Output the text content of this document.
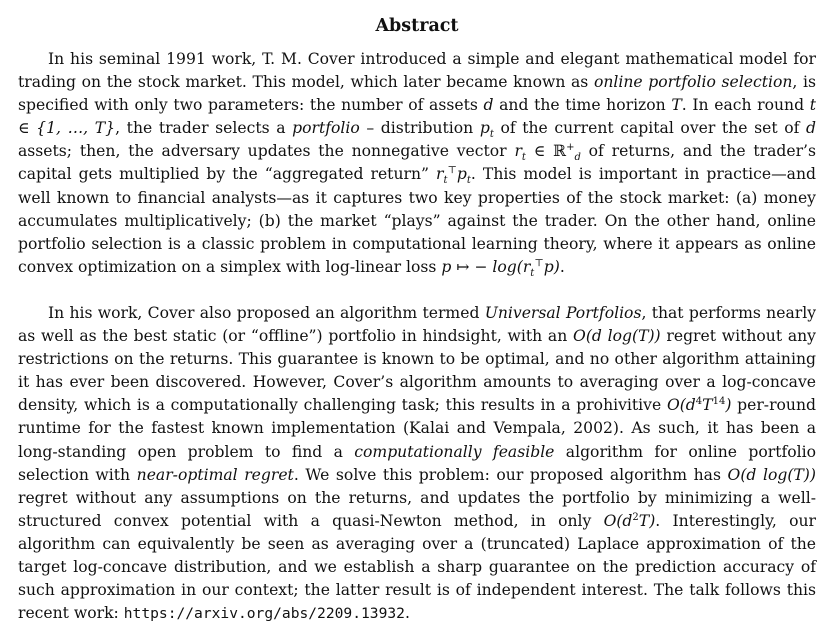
Abstract

In his seminal 1991 work, T. M. Cover introduced a simple and elegant mathematical model for trading on the stock market. This model, which later became known as online portfolio selection, is specified with only two parameters: the number of assets d and the time horizon T. In each round t ∈ {1, …, T}, the trader selects a portfolio – distribution $p_t$ of the current capital over the set of d assets; then, the adversary updates the nonnegative vector $r_t$ ∈ ℝ+$_d$ of returns, and the trader’s capital gets multiplied by the “aggregated return” $r_t^⊤p_t$. This model is important in practice—and well known to financial analysts—as it captures two key properties of the stock market: (a) money accumulates multiplicatively; (b) the market “plays” against the trader. On the other hand, online portfolio selection is a classic problem in computational learning theory, where it appears as online convex optimization on a simplex with log-linear loss p ↦ − $\log(r_t^⊤p)$.

In his work, Cover also proposed an algorithm termed Universal Portfolios, that performs nearly as well as the best static (or “offline”) portfolio in hindsight, with an O(d log(T)) regret without any restrictions on the returns. This guarantee is known to be optimal, and no other algorithm attaining it has ever been discovered. However, Cover’s algorithm amounts to averaging over a log-concave density, which is a computationally challenging task; this results in a prohivitive $O(d^4T^{14})$ per-round runtime for the fastest known implementation (Kalai and Vempala, 2002). As such, it has been a long-standing open problem to find a computationally feasible algorithm for online portfolio selection with near-optimal regret. We solve this problem: our proposed algorithm has O(d log(T)) regret without any assumptions on the returns, and updates the portfolio by minimizing a well-structured convex potential with a quasi-Newton method, in only $O(d^2T)$. Interestingly, our algorithm can equivalently be seen as averaging over a (truncated) Laplace approximation of the target log-concave distribution, and we establish a sharp guarantee on the prediction accuracy of such approximation in our context; the latter result is of independent interest. The talk follows this recent work: https://arxiv.org/abs/2209.13932.
